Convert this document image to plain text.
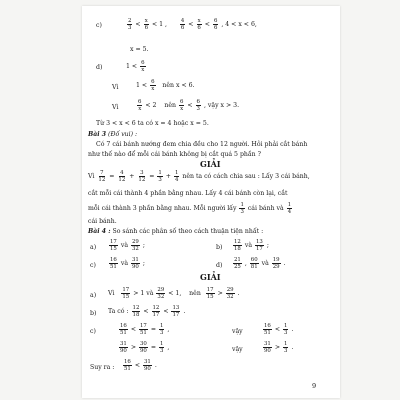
c)	$\frac{2}{3} < \frac{x}{6} < 1$ , $\frac{4}{6} < \frac{x}{6} < \frac{6}{6}$ , 4 < x < 6,
x = 5.
d)	$1 < \frac{6}{x}$
Vì	$1 < \frac{6}{x}$ nên x < 6.
Vì	$\frac{6}{x} < 2$ nên $\frac{6}{x} < \frac{6}{3}$ , vậy x > 3.
Từ 3 < x < 6 ta có x = 4 hoặc x = 5.
Bài 3 (Đố vui) :
Có 7 cái bánh nướng đem chia đều cho 12 người. Hỏi phải cắt bánh
như thế nào để mỗi cái bánh không bị cắt quá 5 phần ?
GIẢI
Vì $\frac{7}{12} = \frac{4}{12} + \frac{3}{12} = \frac{1}{3} + \frac{1}{4}$ nên ta có cách chia sau : Lấy 3 cái bánh,
cắt mỗi cái thành 4 phần bằng nhau. Lấy 4 cái bánh còn lại, cắt
mỗi cái thành 3 phần bằng nhau. Mỗi người lấy $\frac{1}{3}$ cái bánh và $\frac{1}{4}$
cái bánh.
Bài 4 : So sánh các phân số theo cách thuận tiện nhất :
$a) \frac{17}{15}$ và $\frac{29}{32}$ ;	$b) \frac{12}{18}$ và $\frac{13}{17}$ ;
$c) \frac{16}{51}$ và $\frac{31}{90}$ ;	$d) \frac{21}{25}$ , $\frac{60}{81}$ và $\frac{19}{29}$ .
GIẢI
a) Vì $\frac{17}{15} > 1$ và $\frac{29}{32} < 1$, nên $\frac{17}{15} > \frac{29}{32}$ .
b) Ta có : $\frac{12}{18} < \frac{12}{17} < \frac{13}{17}$ .
c)	$\frac{16}{51} < \frac{17}{51} = \frac{1}{3}$ ,	vậy	$\frac{16}{51} < \frac{1}{3}$ .
$\frac{31}{90} > \frac{30}{90} = \frac{1}{3}$ ,	vậy	$\frac{31}{90} > \frac{1}{3}$ .
Suy ra : $\frac{16}{51} < \frac{31}{90}$ .
9
